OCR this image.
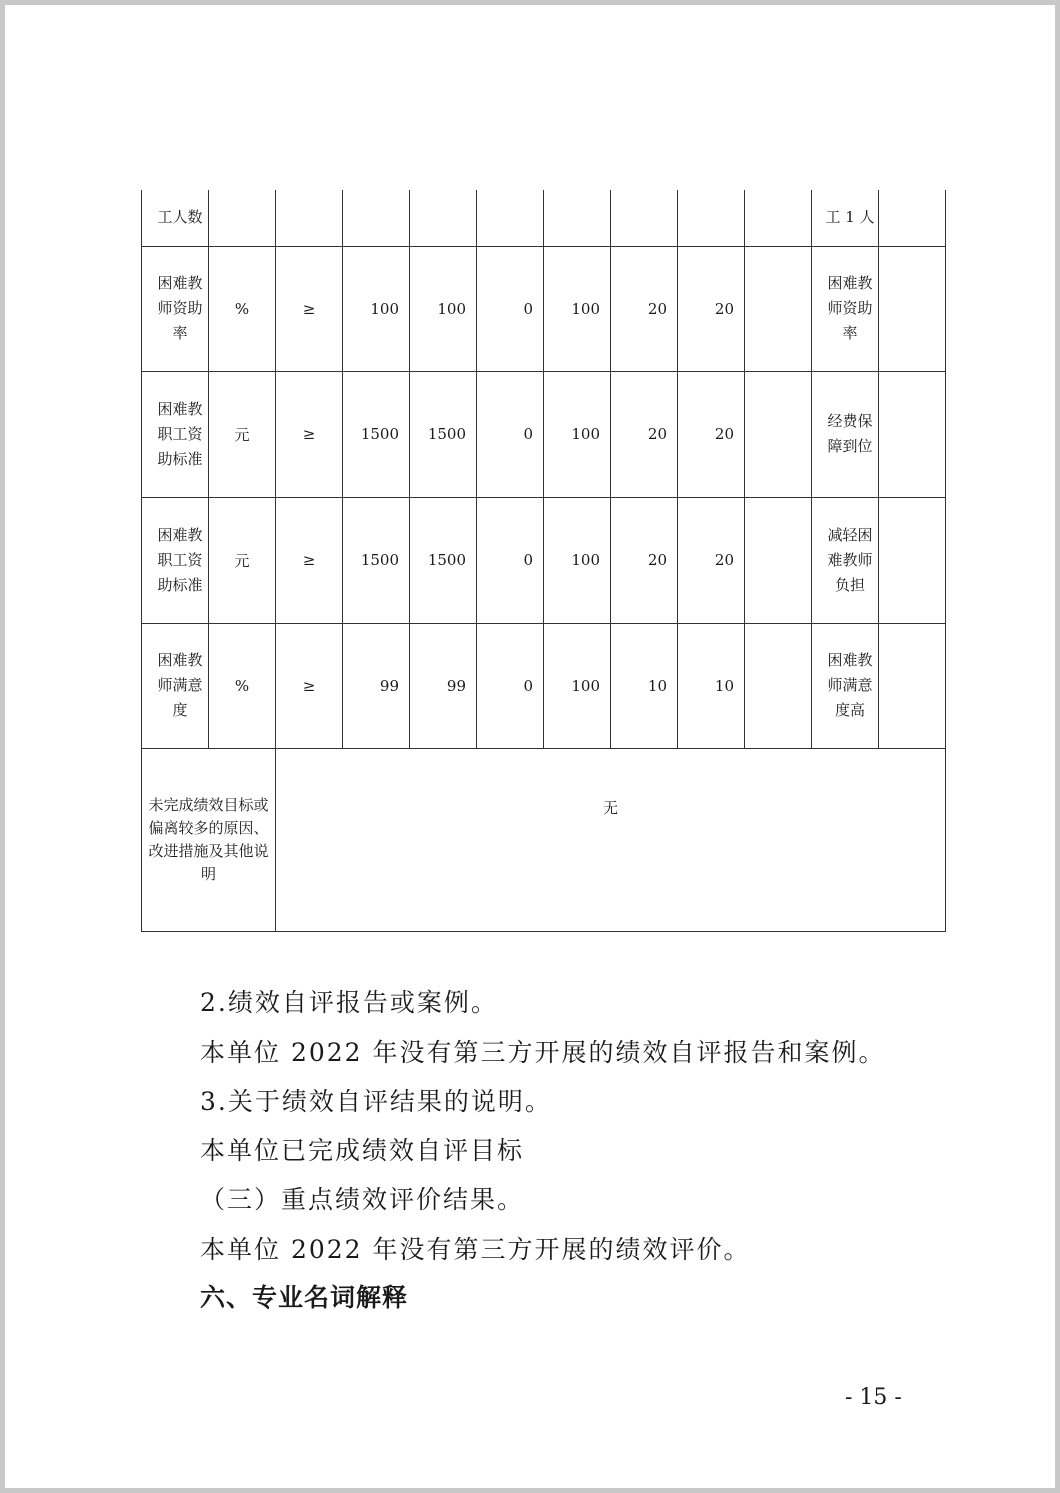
工人数										工 1 人	
困难教师资助率	%	≥	100	100	0	100	20	20		困难教师资助率	
困难教职工资助标准	元	≥	1500	1500	0	100	20	20		经费保障到位	
困难教职工资助标准	元	≥	1500	1500	0	100	20	20		减轻困难教师负担	
困难教师满意度	%	≥	99	99	0	100	10	10		困难教师满意度高	
未完成绩效目标或偏离较多的原因、改进措施及其他说明		无									
2.绩效自评报告或案例。
本单位 2022 年没有第三方开展的绩效自评报告和案例。
3.关于绩效自评结果的说明。
本单位已完成绩效自评目标
（三）重点绩效评价结果。
本单位 2022 年没有第三方开展的绩效评价。
六、专业名词解释
- 15 -
